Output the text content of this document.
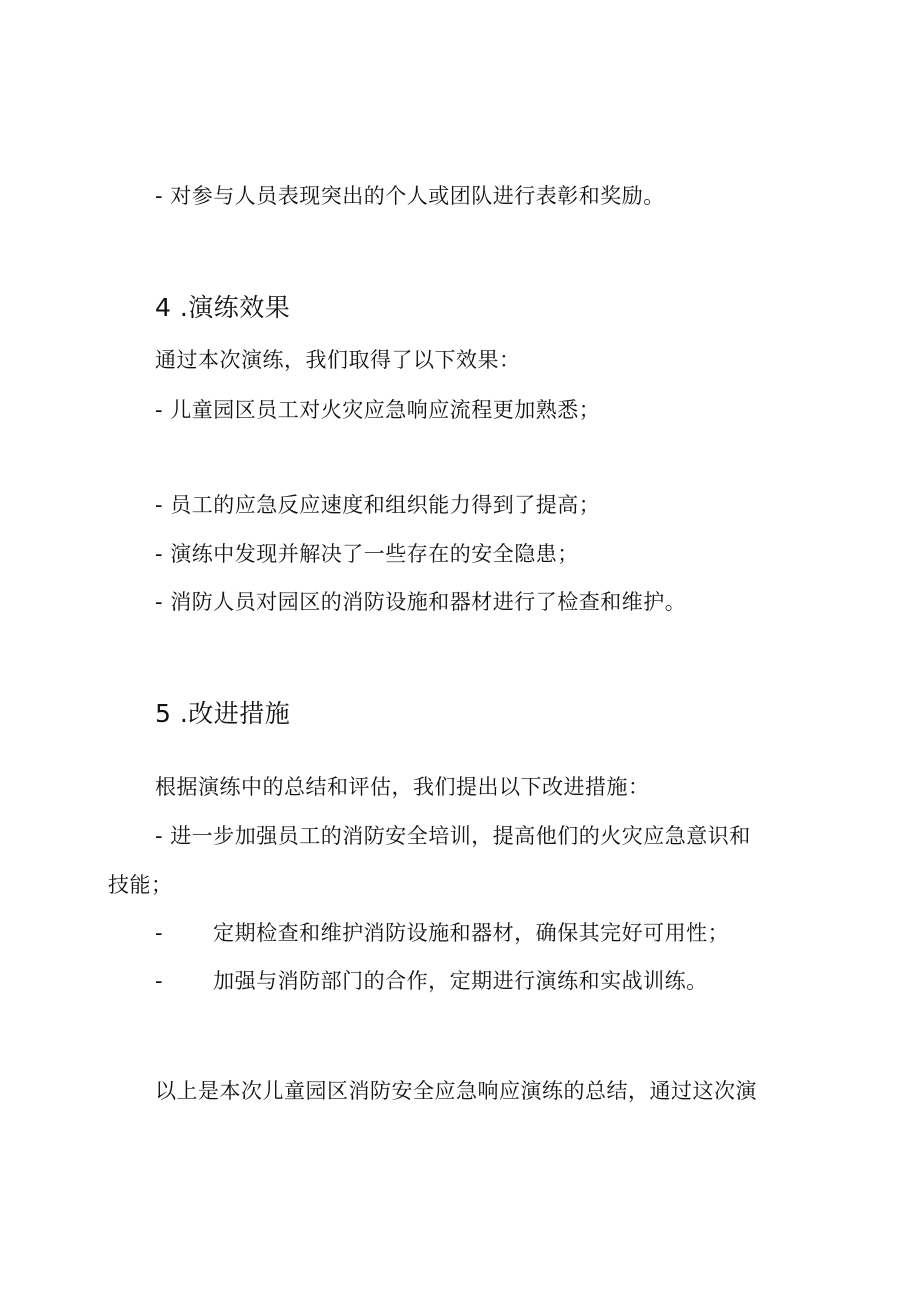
- 对参与人员表现突出的个人或团队进行表彰和奖励。
4 .演练效果
通过本次演练，我们取得了以下效果：
- 儿童园区员工对火灾应急响应流程更加熟悉；
- 员工的应急反应速度和组织能力得到了提高；
- 演练中发现并解决了一些存在的安全隐患；
- 消防人员对园区的消防设施和器材进行了检查和维护。
5 .改进措施
根据演练中的总结和评估，我们提出以下改进措施：
- 进一步加强员工的消防安全培训，提高他们的火灾应急意识和
技能；
- 定期检查和维护消防设施和器材，确保其完好可用性；
- 加强与消防部门的合作，定期进行演练和实战训练。
以上是本次儿童园区消防安全应急响应演练的总结，通过这次演
